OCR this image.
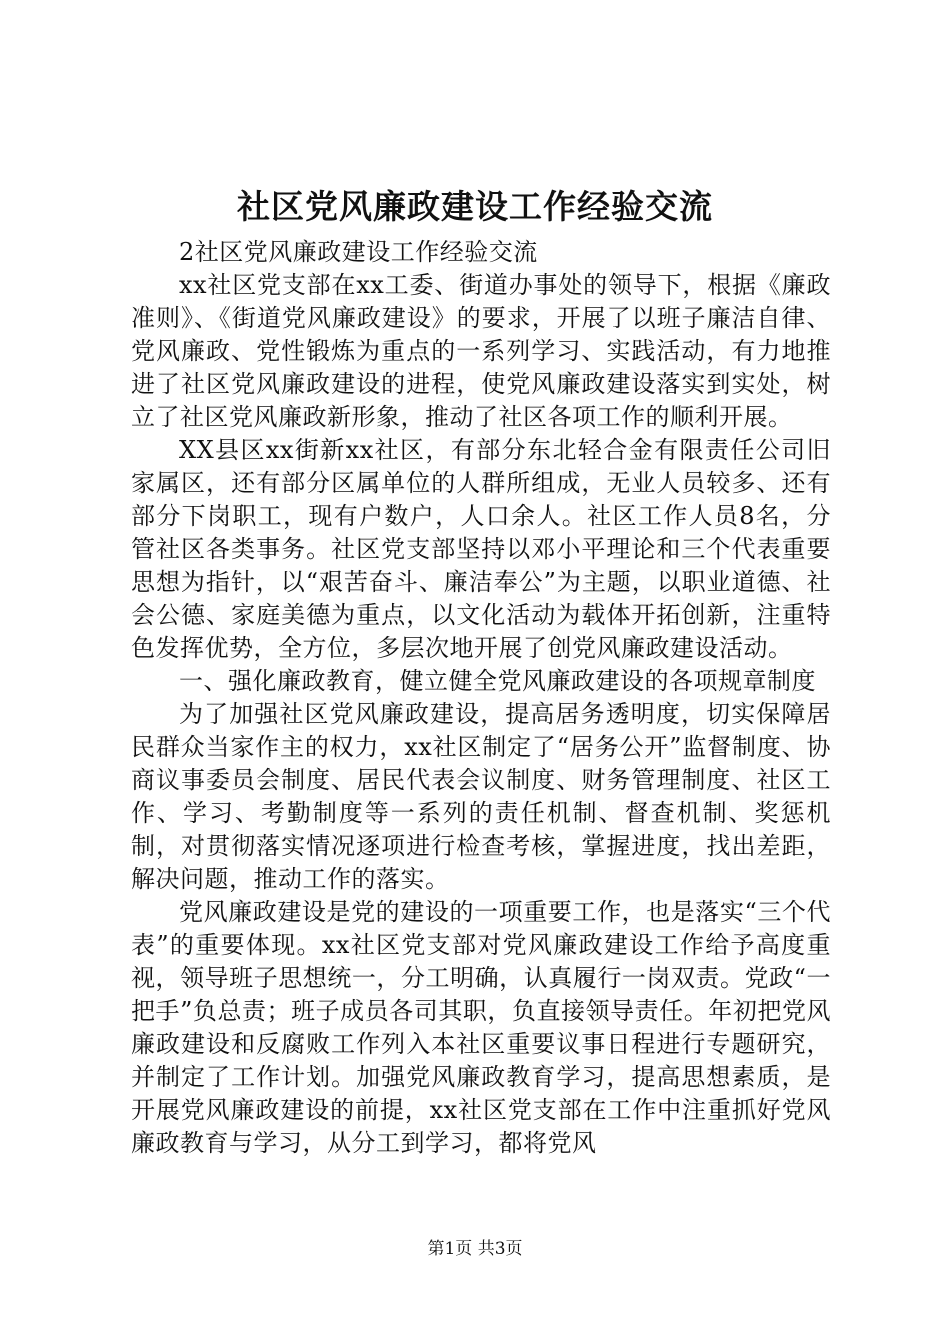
社区党风廉政建设工作经验交流

2社区党风廉政建设工作经验交流

xx社区党支部在xx工委、街道办事处的领导下，根据《廉政准则》、《街道党风廉政建设》的要求，开展了以班子廉洁自律、党风廉政、党性锻炼为重点的一系列学习、实践活动，有力地推进了社区党风廉政建设的进程，使党风廉政建设落实到实处，树立了社区党风廉政新形象，推动了社区各项工作的顺利开展。

XX县区xx街新xx社区，有部分东北轻合金有限责任公司旧家属区，还有部分区属单位的人群所组成，无业人员较多、还有部分下岗职工，现有户数户，人口余人。社区工作人员8名，分管社区各类事务。社区党支部坚持以邓小平理论和三个代表重要思想为指针，以“艰苦奋斗、廉洁奉公”为主题，以职业道德、社会公德、家庭美德为重点，以文化活动为载体开拓创新，注重特色发挥优势，全方位，多层次地开展了创党风廉政建设活动。

一、强化廉政教育，健立健全党风廉政建设的各项规章制度

为了加强社区党风廉政建设，提高居务透明度，切实保障居民群众当家作主的权力，xx社区制定了“居务公开”监督制度、协商议事委员会制度、居民代表会议制度、财务管理制度、社区工作、学习、考勤制度等一系列的责任机制、督查机制、奖惩机制，对贯彻落实情况逐项进行检查考核，掌握进度，找出差距，解决问题，推动工作的落实。

党风廉政建设是党的建设的一项重要工作，也是落实“三个代表”的重要体现。xx社区党支部对党风廉政建设工作给予高度重视，领导班子思想统一，分工明确，认真履行一岗双责。党政“一把手”负总责；班子成员各司其职，负直接领导责任。年初把党风廉政建设和反腐败工作列入本社区重要议事日程进行专题研究，并制定了工作计划。加强党风廉政教育学习，提高思想素质，是开展党风廉政建设的前提，xx社区党支部在工作中注重抓好党风廉政教育与学习，从分工到学习，都将党风

第1页 共3页
